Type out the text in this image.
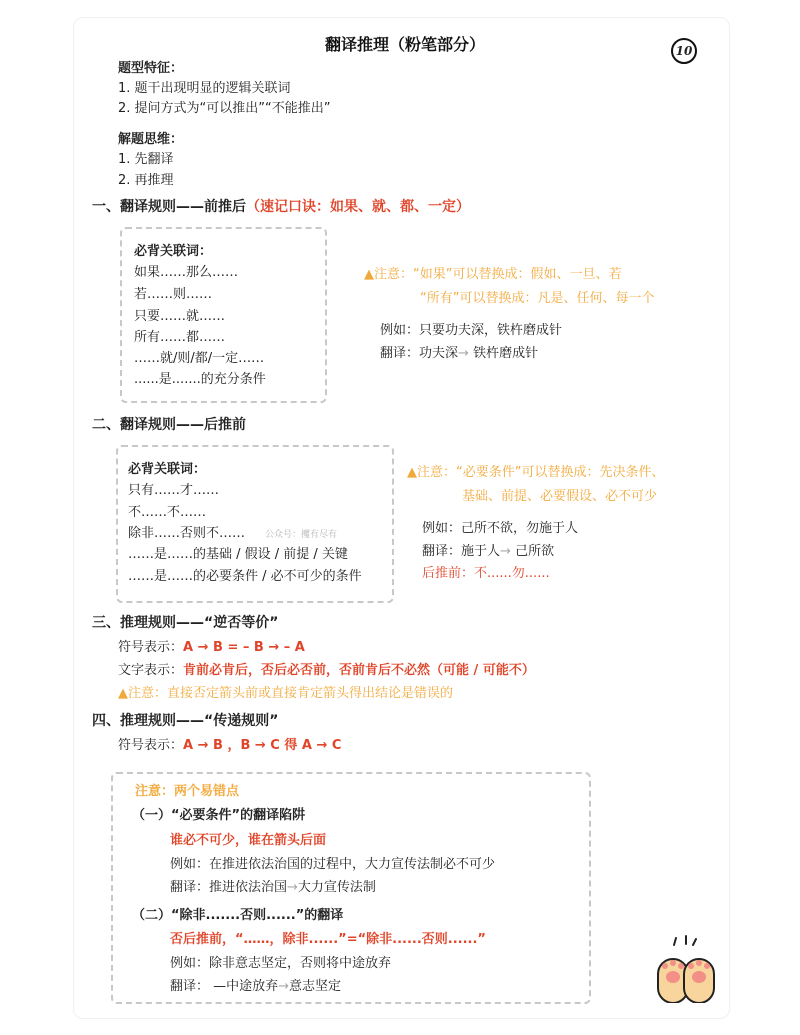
翻译推理（粉笔部分）	10
题型特征：
1. 题干出现明显的逻辑关联词
2. 提问方式为“可以推出”“不能推出”
解题思维：
1. 先翻译
2. 再推理
一、翻译规则——前推后（速记口诀：如果、就、都、一定）
必背关联词：
如果……那么……
若……则……
只要……就……
所有……都……
……就/则/都/一定……
......是.......的充分条件
▲注意：“如果”可以替换成：假如、一旦、若
“所有”可以替换成：凡是、任何、每一个
例如：只要功夫深，铁杵磨成针
翻译：功夫深→ 铁杵磨成针
二、翻译规则——后推前
必背关联词：
只有……才……
不……不……
除非……否则不…… 公众号：攫有尽有
……是……的基础 / 假设 / 前提 / 关键
……是……的必要条件 / 必不可少的条件
▲注意：“必要条件”可以替换成：先决条件、
基础、前提、必要假设、必不可少
例如：己所不欲，勿施于人
翻译：施于人→ 己所欲
后推前：不......勿......
三、推理规则——“逆否等价”
符号表示：A → B = – B → – A
文字表示：肯前必肯后，否后必否前，否前肯后不必然（可能 / 可能不）
▲注意：直接否定箭头前或直接肯定箭头得出结论是错误的
四、推理规则——“传递规则”
符号表示：A → B ，B → C 得 A → C
注意：两个易错点
（一）“必要条件”的翻译陷阱
谁必不可少，谁在箭头后面
例如：在推进依法治国的过程中，大力宣传法制必不可少
翻译：推进依法治国→大力宣传法制
（二）“除非.......否则......”的翻译
否后推前，“……，除非......”=“除非......否则......”
例如：除非意志坚定，否则将中途放弃
翻译： —中途放弃→意志坚定
